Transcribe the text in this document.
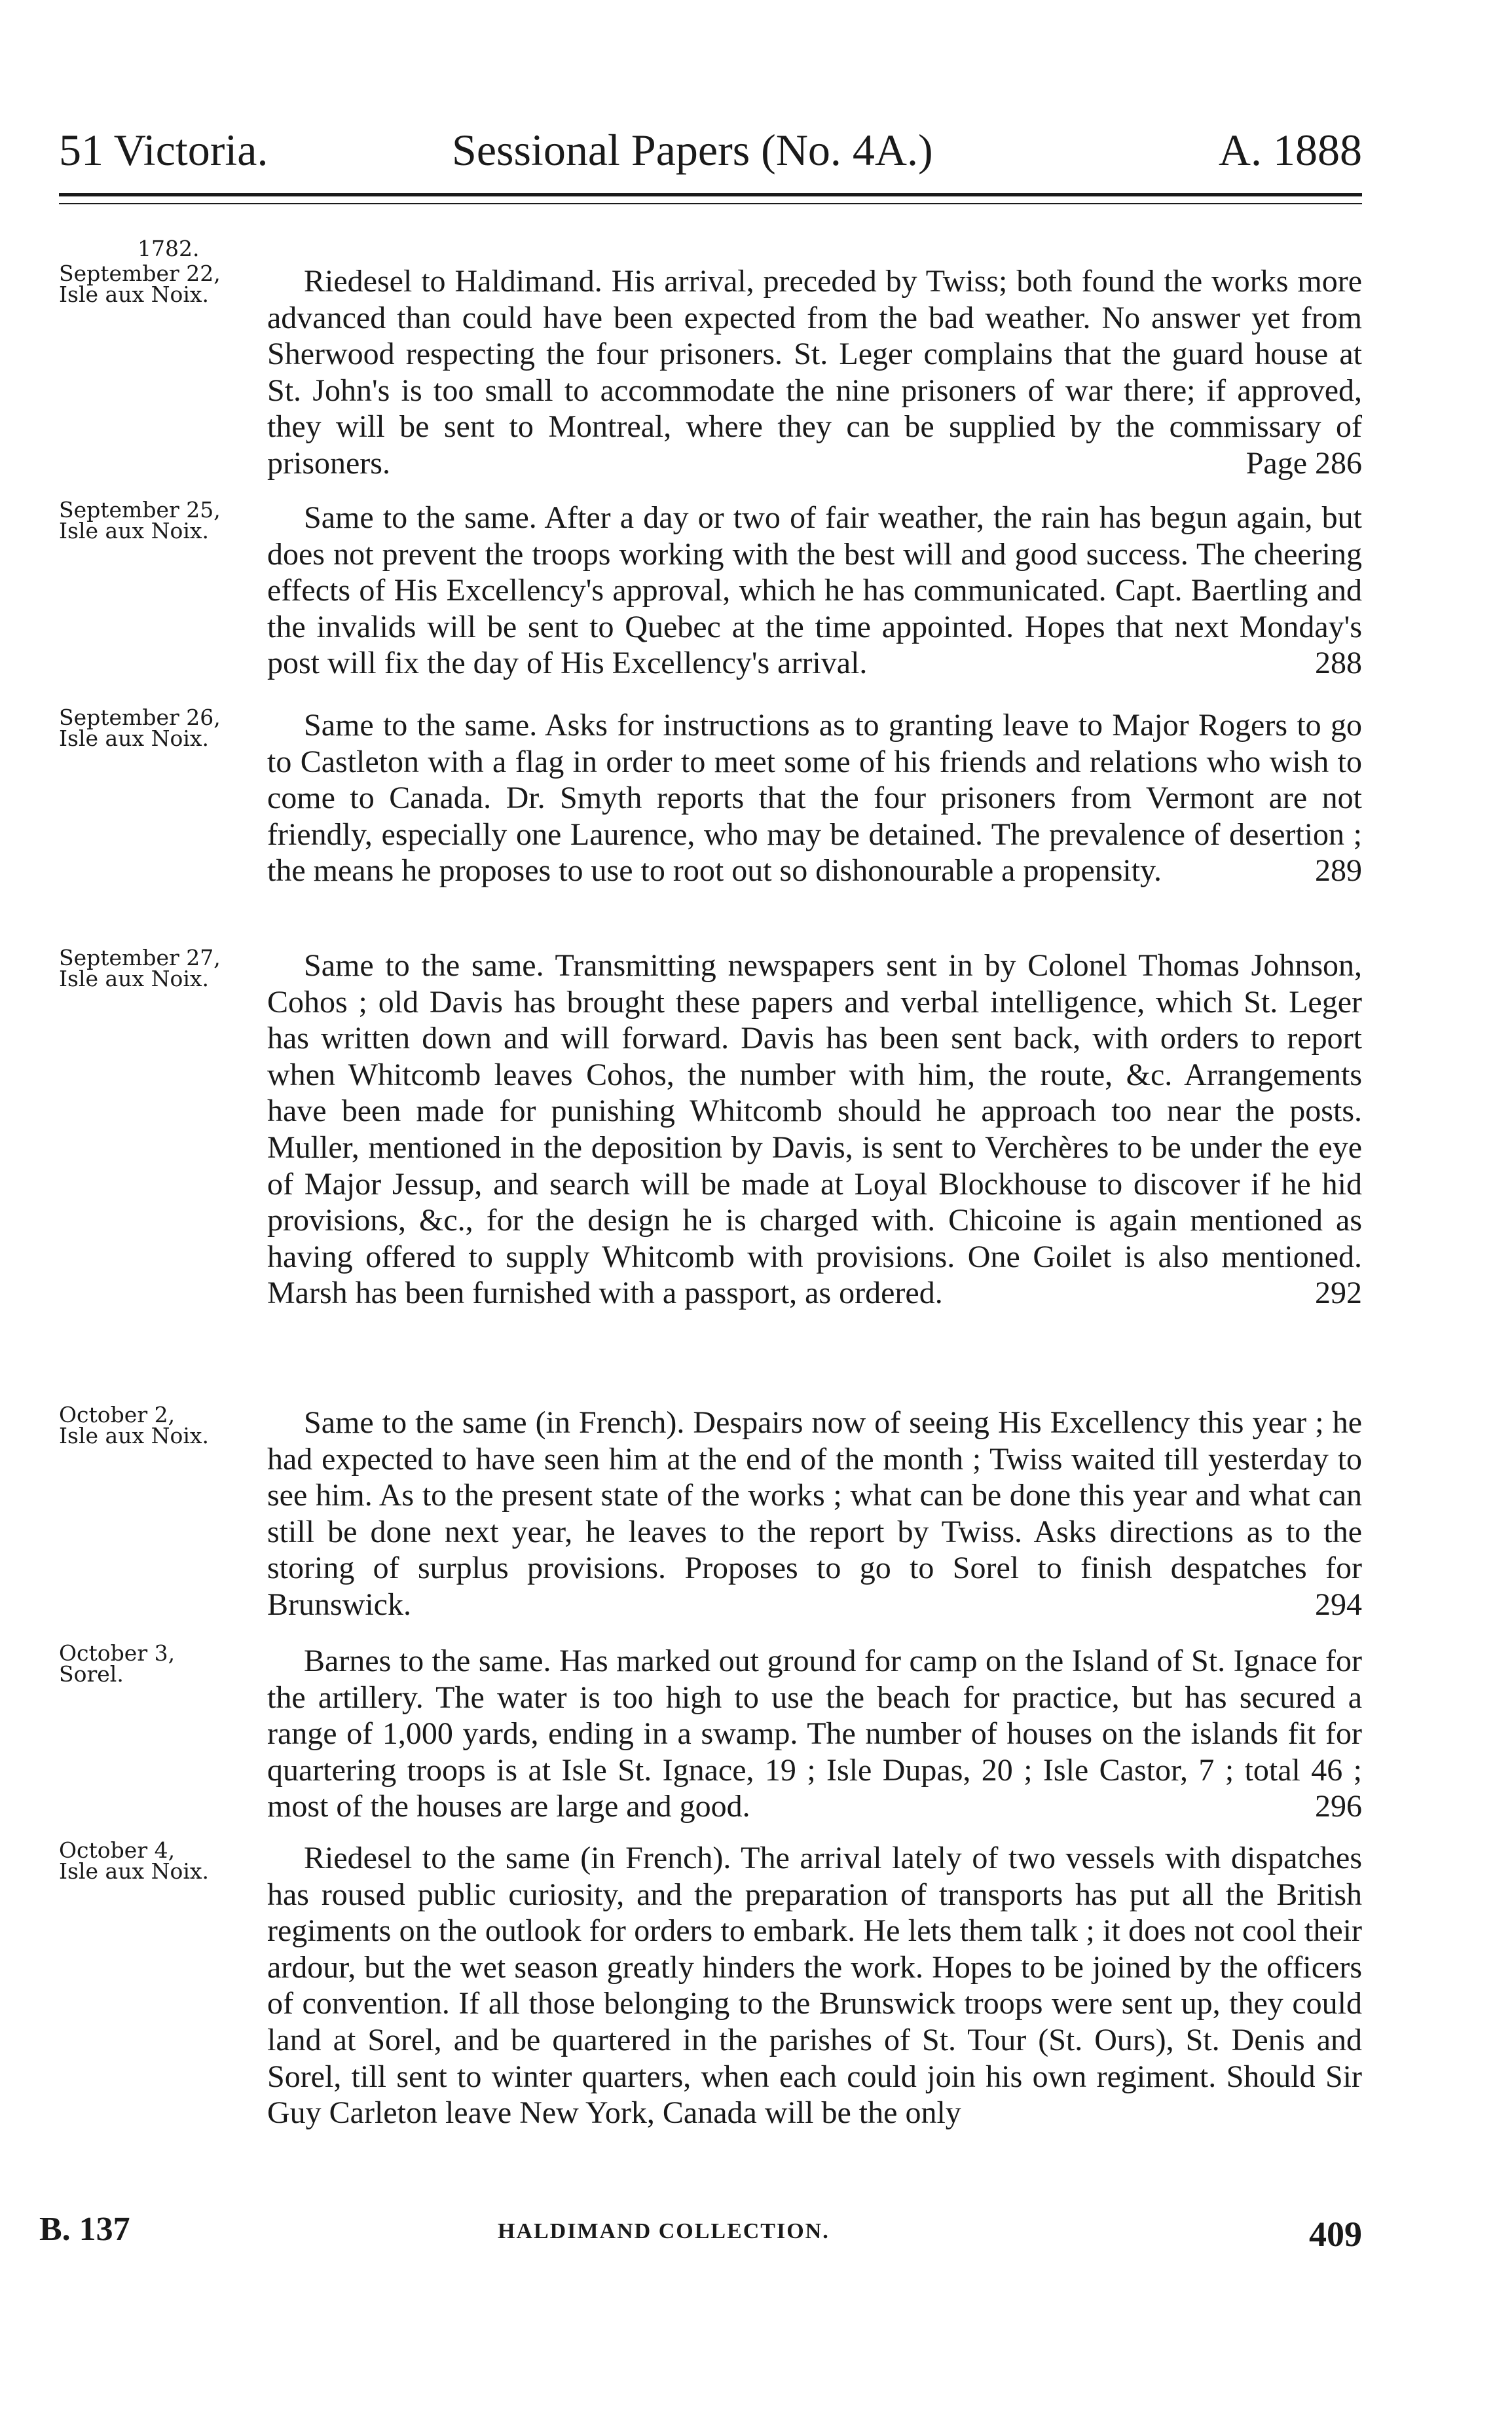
51 Victoria.	Sessional Papers (No. 4A.)	A. 1888
1782.
September 22,
Isle aux Noix.	Riedesel to Haldimand. His arrival, preceded by Twiss; both found the works more advanced than could have been expected from the bad weather. No answer yet from Sherwood respecting the four prisoners. St. Leger complains that the guard house at St. John's is too small to accommodate the nine prisoners of war there; if approved, they will be sent to Montreal, where they can be supplied by the commissary of prisoners.	Page 286
September 25,
Isle aux Noix.	Same to the same. After a day or two of fair weather, the rain has begun again, but does not prevent the troops working with the best will and good success. The cheering effects of His Excellency's approval, which he has communicated. Capt. Baertling and the invalids will be sent to Quebec at the time appointed. Hopes that next Monday's post will fix the day of His Excellency's arrival.	288
September 26,
Isle aux Noix.	Same to the same. Asks for instructions as to granting leave to Major Rogers to go to Castleton with a flag in order to meet some of his friends and relations who wish to come to Canada. Dr. Smyth reports that the four prisoners from Vermont are not friendly, especially one Laurence, who may be detained. The prevalence of desertion ; the means he proposes to use to root out so dishonourable a propensity.	289
September 27,
Isle aux Noix.	Same to the same. Transmitting newspapers sent in by Colonel Thomas Johnson, Cohos ; old Davis has brought these papers and verbal intelligence, which St. Leger has written down and will forward. Davis has been sent back, with orders to report when Whitcomb leaves Cohos, the number with him, the route, &c. Arrangements have been made for punishing Whitcomb should he approach too near the posts. Muller, mentioned in the deposition by Davis, is sent to Verchères to be under the eye of Major Jessup, and search will be made at Loyal Blockhouse to discover if he hid provisions, &c., for the design he is charged with. Chicoine is again mentioned as having offered to supply Whitcomb with provisions. One Goilet is also mentioned. Marsh has been furnished with a passport, as ordered.	292
October 2,
Isle aux Noix.	Same to the same (in French). Despairs now of seeing His Excellency this year ; he had expected to have seen him at the end of the month ; Twiss waited till yesterday to see him. As to the present state of the works ; what can be done this year and what can still be done next year, he leaves to the report by Twiss. Asks directions as to the storing of surplus provisions. Proposes to go to Sorel to finish despatches for Brunswick.	294
October 3,
Sorel.	Barnes to the same. Has marked out ground for camp on the Island of St. Ignace for the artillery. The water is too high to use the beach for practice, but has secured a range of 1,000 yards, ending in a swamp. The number of houses on the islands fit for quartering troops is at Isle St. Ignace, 19 ; Isle Dupas, 20 ; Isle Castor, 7 ; total 46 ; most of the houses are large and good.	296
October 4,
Isle aux Noix.	Riedesel to the same (in French). The arrival lately of two vessels with dispatches has roused public curiosity, and the preparation of transports has put all the British regiments on the outlook for orders to embark. He lets them talk ; it does not cool their ardour, but the wet season greatly hinders the work. Hopes to be joined by the officers of convention. If all those belonging to the Brunswick troops were sent up, they could land at Sorel, and be quartered in the parishes of St. Tour (St. Ours), St. Denis and Sorel, till sent to winter quarters, when each could join his own regiment. Should Sir Guy Carleton leave New York, Canada will be the only
B. 137	HALDIMAND COLLECTION.	409
